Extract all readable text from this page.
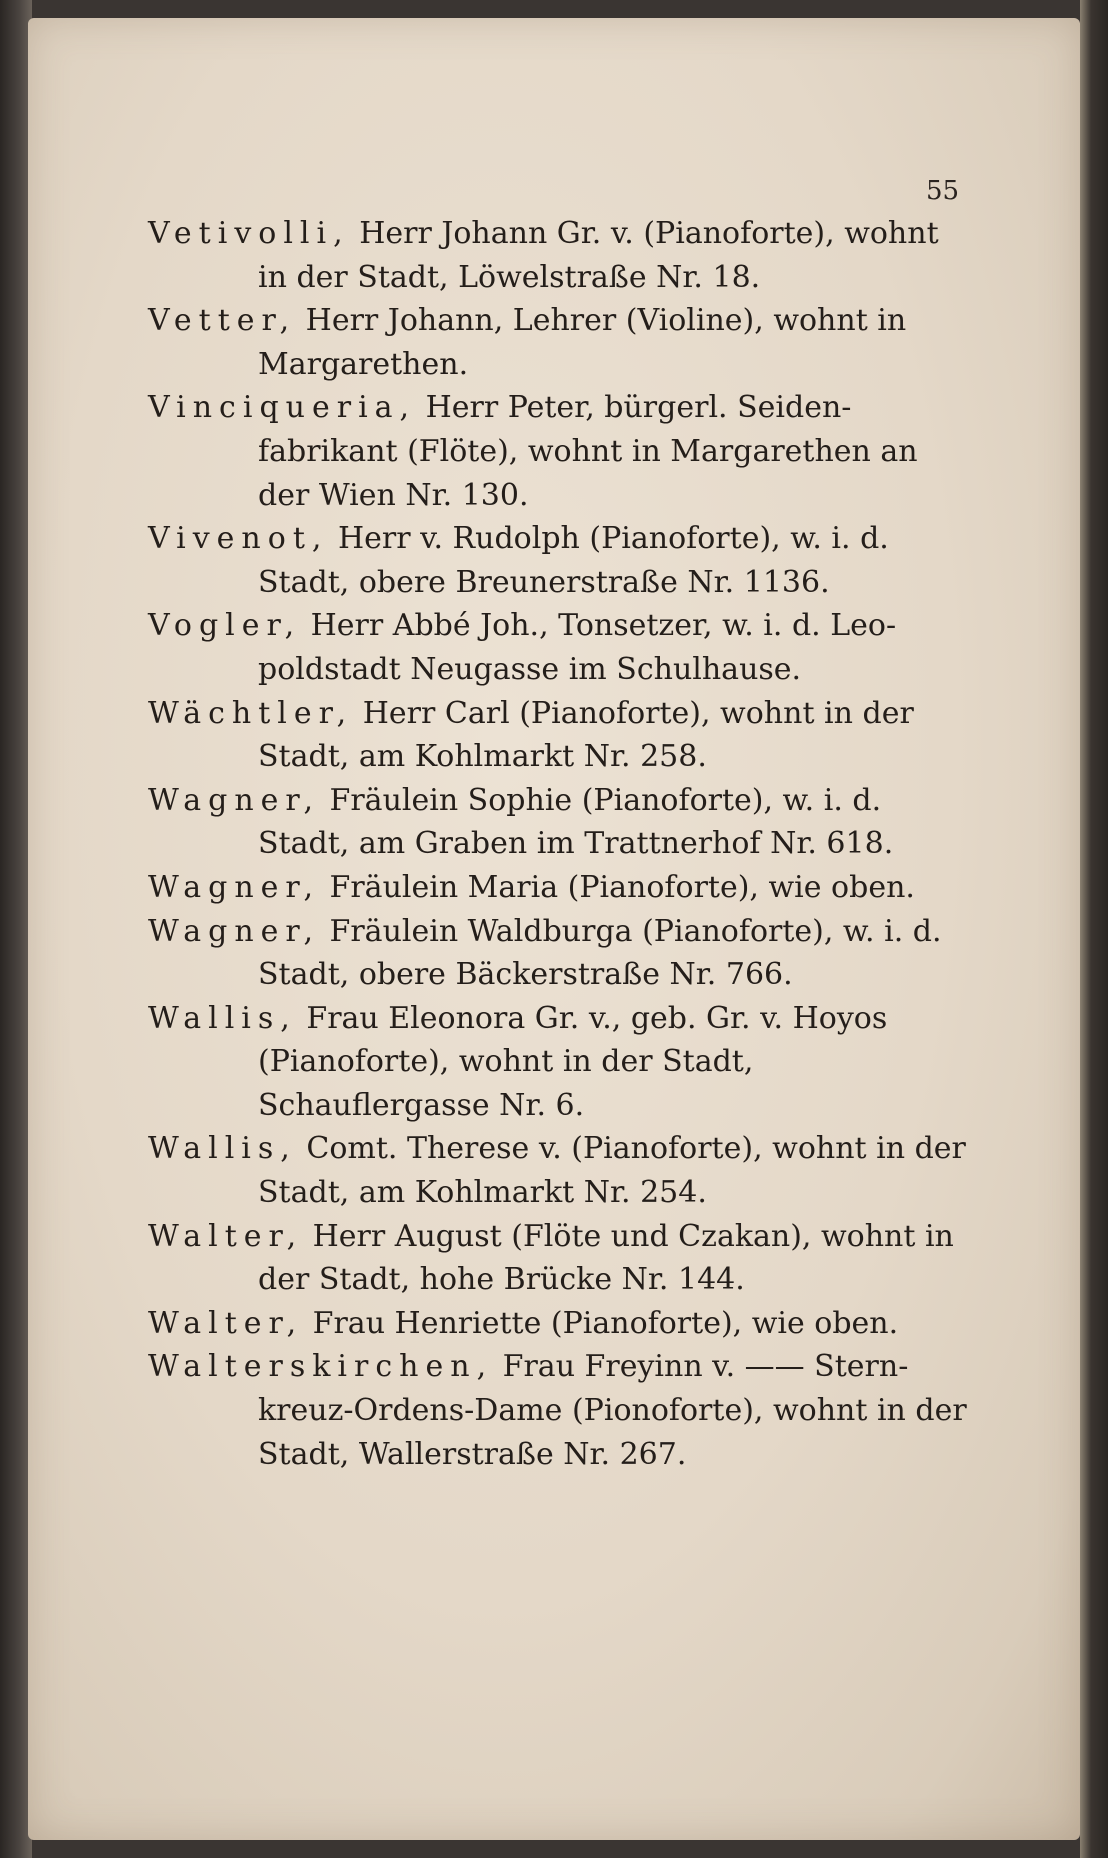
55

Vetivolli, Herr Johann Gr. v. (Pianoforte), wohnt in der Stadt, Löwelstraße Nr. 18.

Vetter, Herr Johann, Lehrer (Violine), wohnt in Margarethen.

Vinciqueria, Herr Peter, bürgerl. Seiden-fabrikant (Flöte), wohnt in Margarethen an der Wien Nr. 130.

Vivenot, Herr v. Rudolph (Pianoforte), w. i. d. Stadt, obere Breunerstraße Nr. 1136.

Vogler, Herr Abbé Joh., Tonsetzer, w. i. d. Leo-poldstadt Neugasse im Schulhause.

Wächtler, Herr Carl (Pianoforte), wohnt in der Stadt, am Kohlmarkt Nr. 258.

Wagner, Fräulein Sophie (Pianoforte), w. i. d. Stadt, am Graben im Trattnerhof Nr. 618.

Wagner, Fräulein Maria (Pianoforte), wie oben.

Wagner, Fräulein Waldburga (Pianoforte), w. i. d. Stadt, obere Bäckerstraße Nr. 766.

Wallis, Frau Eleonora Gr. v., geb. Gr. v. Hoyos (Pianoforte), wohnt in der Stadt, Schauflergasse Nr. 6.

Wallis, Comt. Therese v. (Pianoforte), wohnt in der Stadt, am Kohlmarkt Nr. 254.

Walter, Herr August (Flöte und Czakan), wohnt in der Stadt, hohe Brücke Nr. 144.

Walter, Frau Henriette (Pianoforte), wie oben.

Walterskirchen, Frau Freyinn v. —— Stern-kreuz-Ordens-Dame (Pionoforte), wohnt in der Stadt, Wallerstraße Nr. 267.
